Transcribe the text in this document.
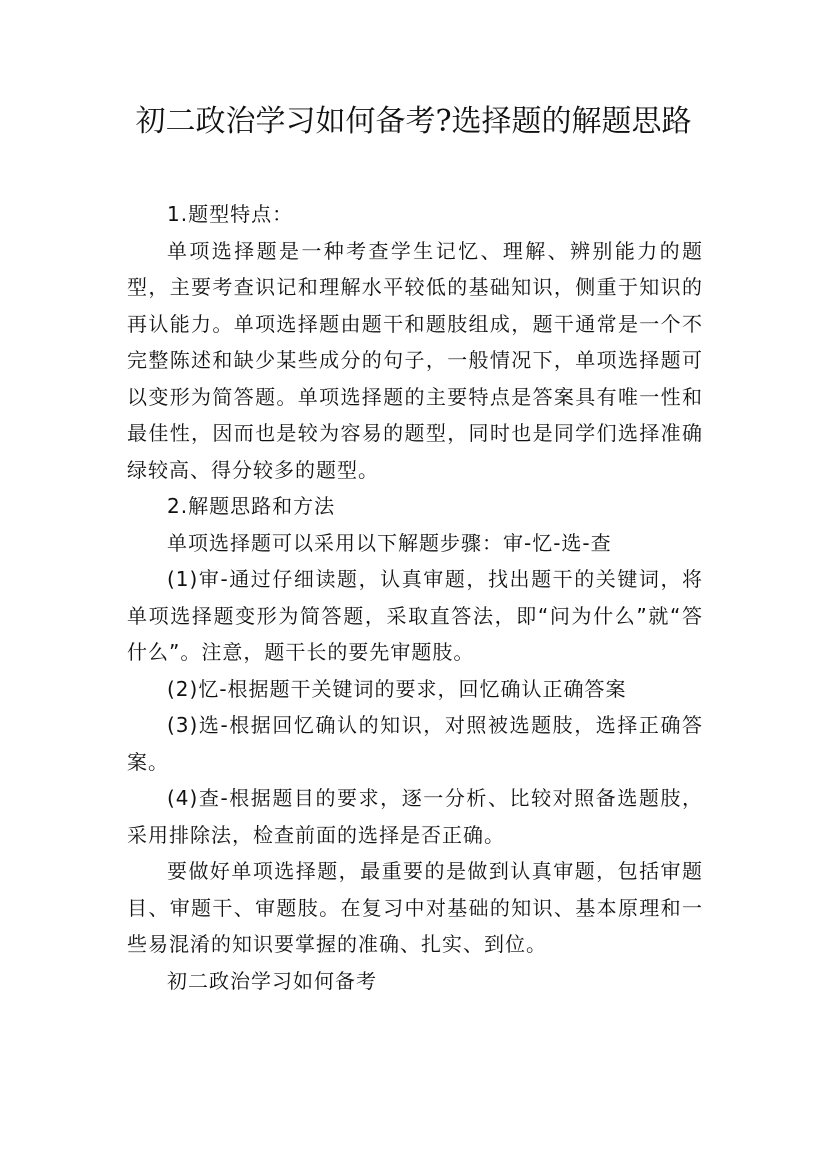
初二政治学习如何备考?选择题的解题思路

1.题型特点：

单项选择题是一种考查学生记忆、理解、辨别能力的题型，主要考查识记和理解水平较低的基础知识，侧重于知识的再认能力。单项选择题由题干和题肢组成，题干通常是一个不完整陈述和缺少某些成分的句子，一般情况下，单项选择题可以变形为简答题。单项选择题的主要特点是答案具有唯一性和最佳性，因而也是较为容易的题型，同时也是同学们选择准确绿较高、得分较多的题型。

2.解题思路和方法

单项选择题可以采用以下解题步骤：审-忆-选-查

(1)审-通过仔细读题，认真审题，找出题干的关键词，将单项选择题变形为简答题，采取直答法，即“问为什么”就“答什么”。注意，题干长的要先审题肢。

(2)忆-根据题干关键词的要求，回忆确认正确答案

(3)选-根据回忆确认的知识，对照被选题肢，选择正确答案。

(4)查-根据题目的要求，逐一分析、比较对照备选题肢，采用排除法，检查前面的选择是否正确。

要做好单项选择题，最重要的是做到认真审题，包括审题目、审题干、审题肢。在复习中对基础的知识、基本原理和一些易混淆的知识要掌握的准确、扎实、到位。

初二政治学习如何备考
